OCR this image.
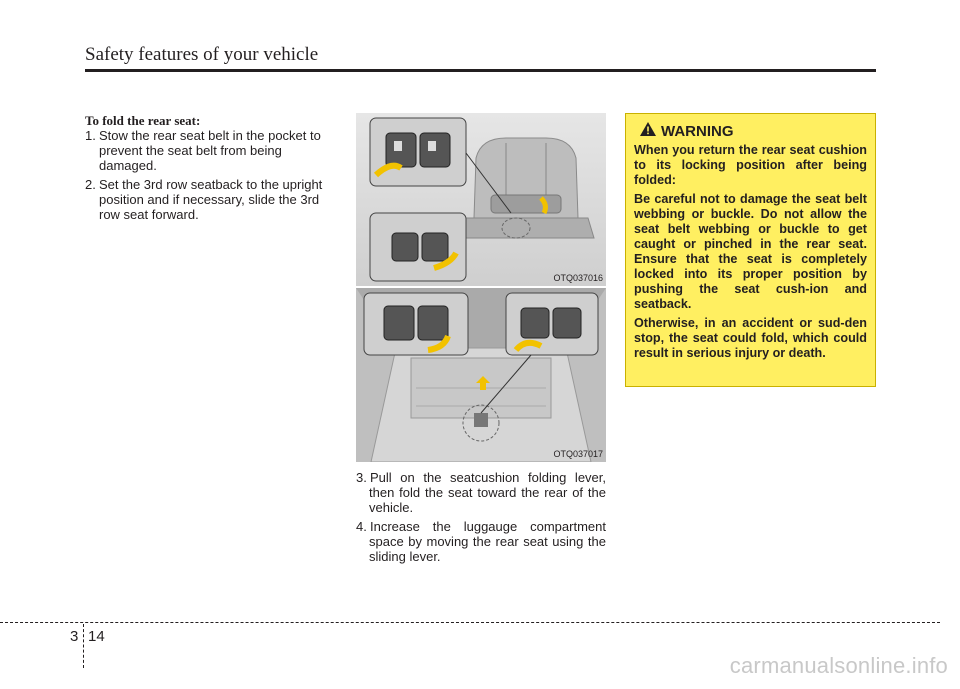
Safety features of your vehicle

To fold the rear seat:

1. Stow the rear seat belt in the pocket to prevent the seat belt from being damaged.
2. Set the 3rd row seatback to the upright position and if necessary, slide the 3rd row seat forward.
OTQ037016
OTQ037017
3. Pull on the seatcushion folding lever, then fold the seat toward the rear of the vehicle.
4. Increase the luggauge compartment space by moving the rear seat using the sliding lever.
WARNING

When you return the rear seat cushion to its locking position after being folded:

Be careful not to damage the seat belt webbing or buckle. Do not allow the seat belt webbing or buckle to get caught or pinched in the rear seat. Ensure that the seat is completely locked into its proper position by pushing the seat cush-ion and seatback.

Otherwise, in an accident or sud-den stop, the seat could fold, which could result in serious injury or death.

3 14
carmanualsonline.info
